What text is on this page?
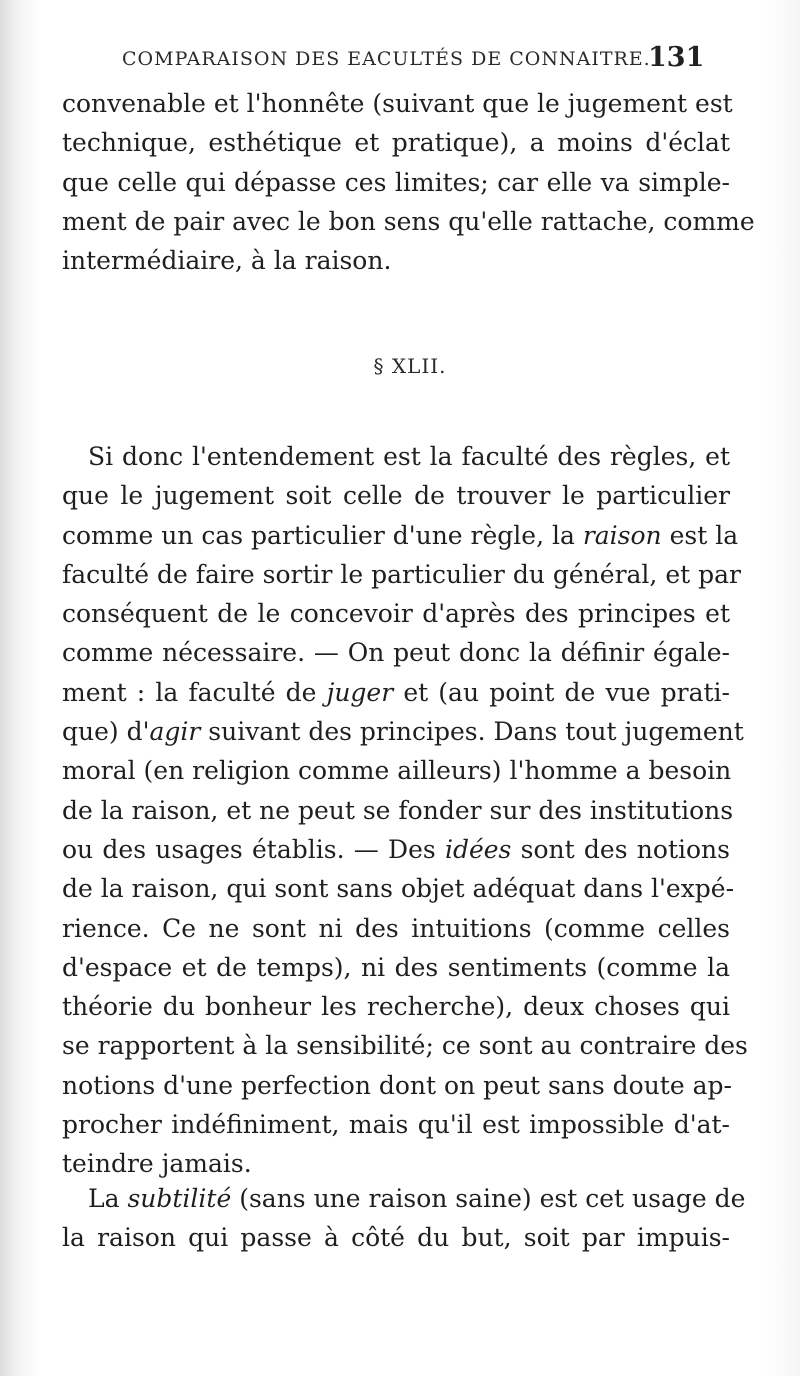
COMPARAISON DES EACULTÉS DE CONNAITRE.
131
convenable et l'honnête (suivant que le jugement est
technique, esthétique et pratique), a moins d'éclat
que celle qui dépasse ces limites; car elle va simple-
ment de pair avec le bon sens qu'elle rattache, comme
intermédiaire, à la raison.
§ XLII.
Si donc l'entendement est la faculté des règles, et
que le jugement soit celle de trouver le particulier
comme un cas particulier d'une règle, la raison est la
faculté de faire sortir le particulier du général, et par
conséquent de le concevoir d'après des principes et
comme nécessaire. — On peut donc la définir égale-
ment : la faculté de juger et (au point de vue prati-
que) d'agir suivant des principes. Dans tout jugement
moral (en religion comme ailleurs) l'homme a besoin
de la raison, et ne peut se fonder sur des institutions
ou des usages établis. — Des idées sont des notions
de la raison, qui sont sans objet adéquat dans l'expé-
rience. Ce ne sont ni des intuitions (comme celles
d'espace et de temps), ni des sentiments (comme la
théorie du bonheur les recherche), deux choses qui
se rapportent à la sensibilité; ce sont au contraire des
notions d'une perfection dont on peut sans doute ap-
procher indéfiniment, mais qu'il est impossible d'at-
teindre jamais.
La subtilité (sans une raison saine) est cet usage de
la raison qui passe à côté du but, soit par impuis-
